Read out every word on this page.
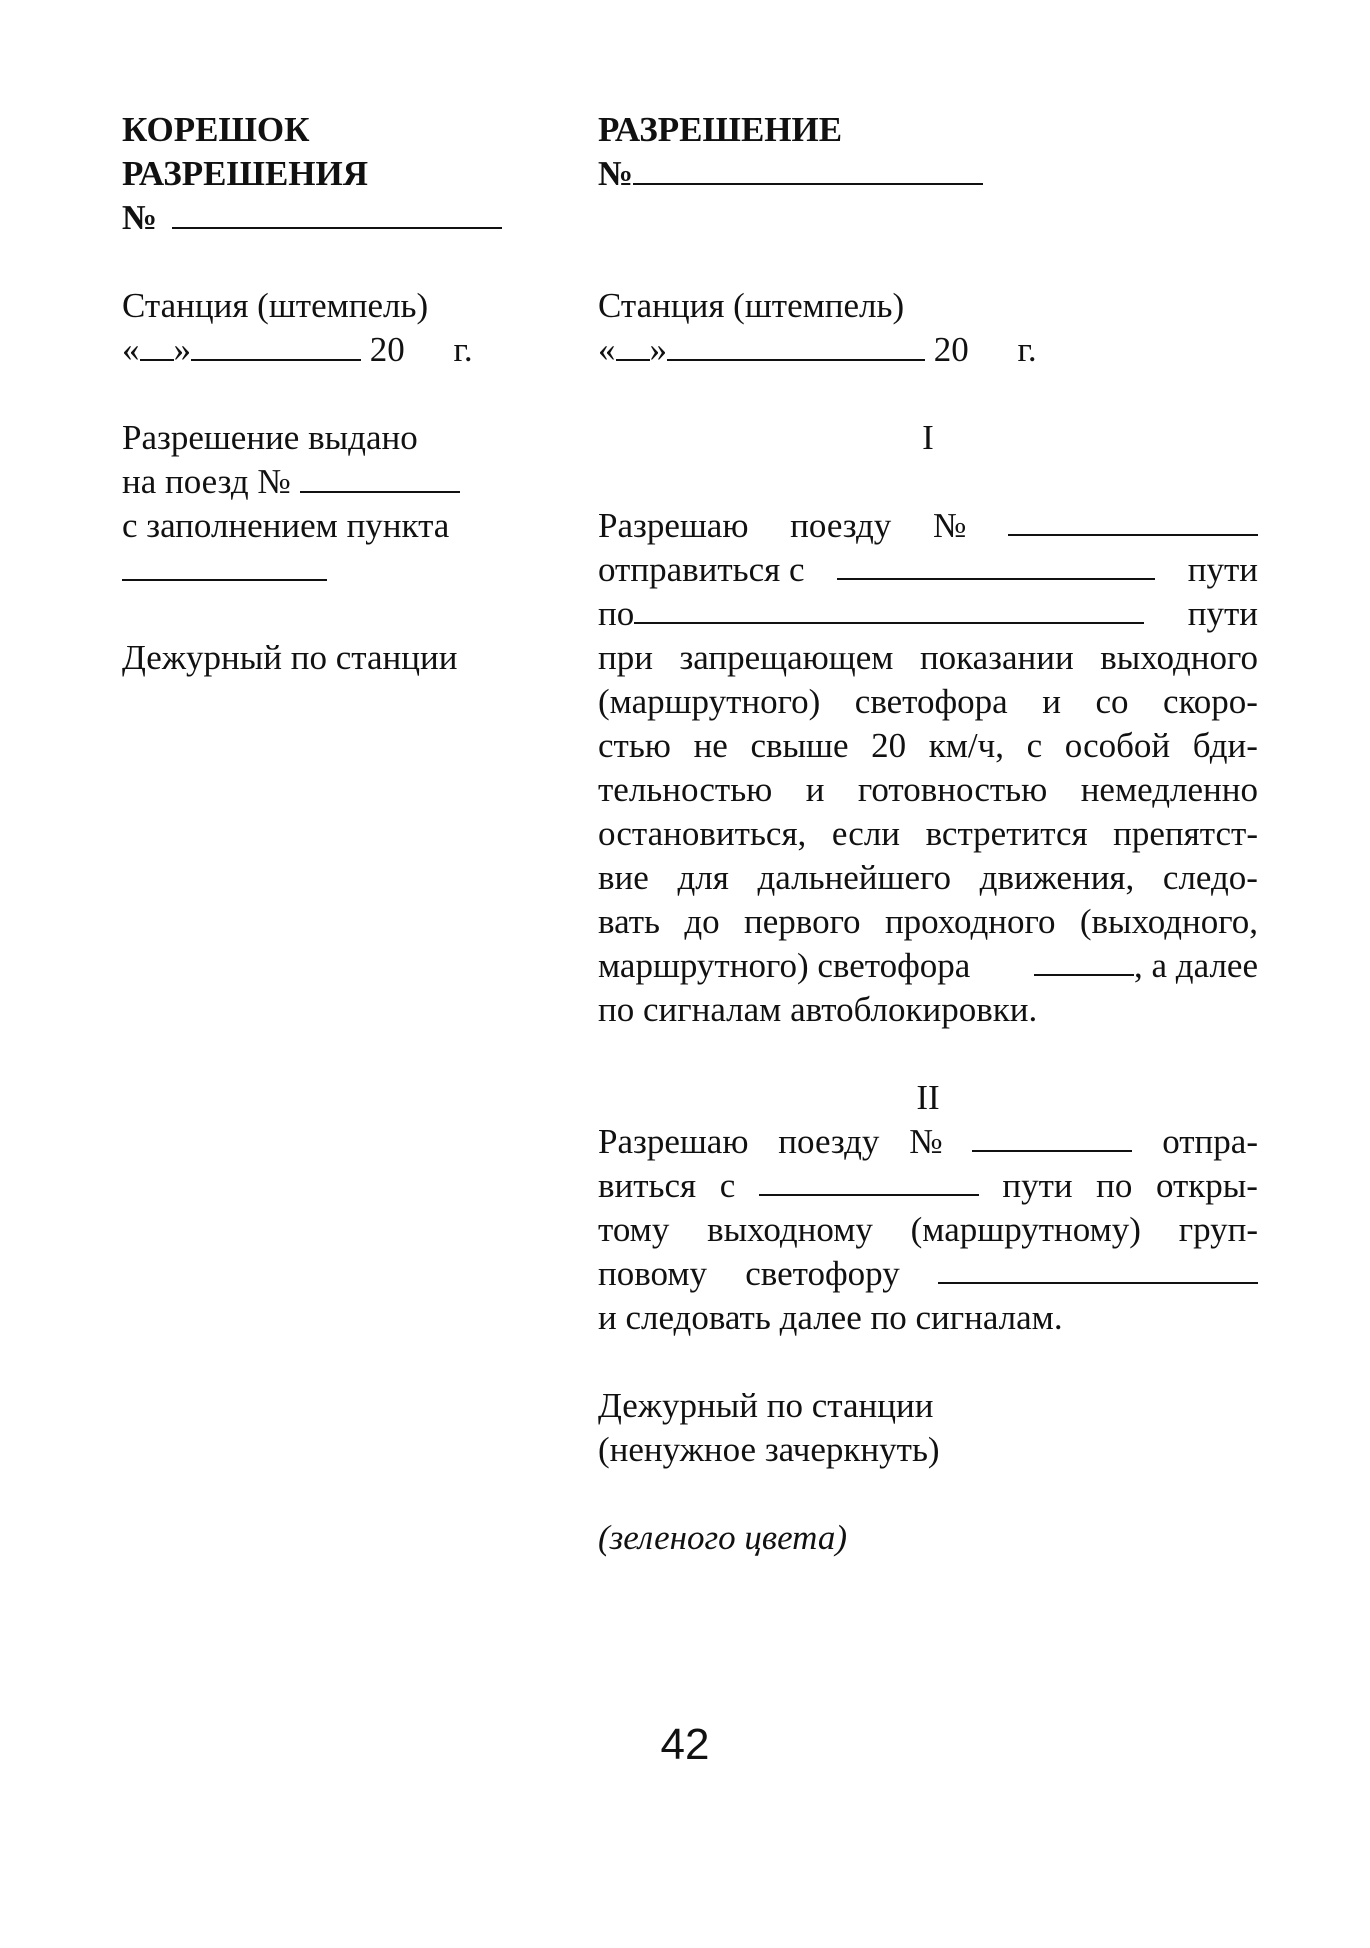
КОРЕШОК
РАЗРЕШЕНИЯ
№
Станция (штемпель)
« »	20 г.
Разрешение выдано
на поезд №
с заполнением пункта
Дежурный по станции
РАЗРЕШЕНИЕ
№
Станция (штемпель)
« »	20 г.
I
Разрешаю поезду №
отправиться с	пути
по	пути
при запрещающем показании выходного
(маршрутного) светофора и со скоро-
стью не свыше 20 км/ч, с особой бди-
тельностью и готовностью немедленно
остановиться, если встретится препятст-
вие для дальнейшего движения, следо-
вать до первого проходного (выходного,
маршрутного) светофора	, а далее
по сигналам автоблокировки.
II
Разрешаю поезду №	отпра-
виться с	пути по откры-
тому выходному (маршрутному) груп-
повому светофору
и следовать далее по сигналам.
Дежурный по станции
(ненужное зачеркнуть)
(зеленого цвета)
42
